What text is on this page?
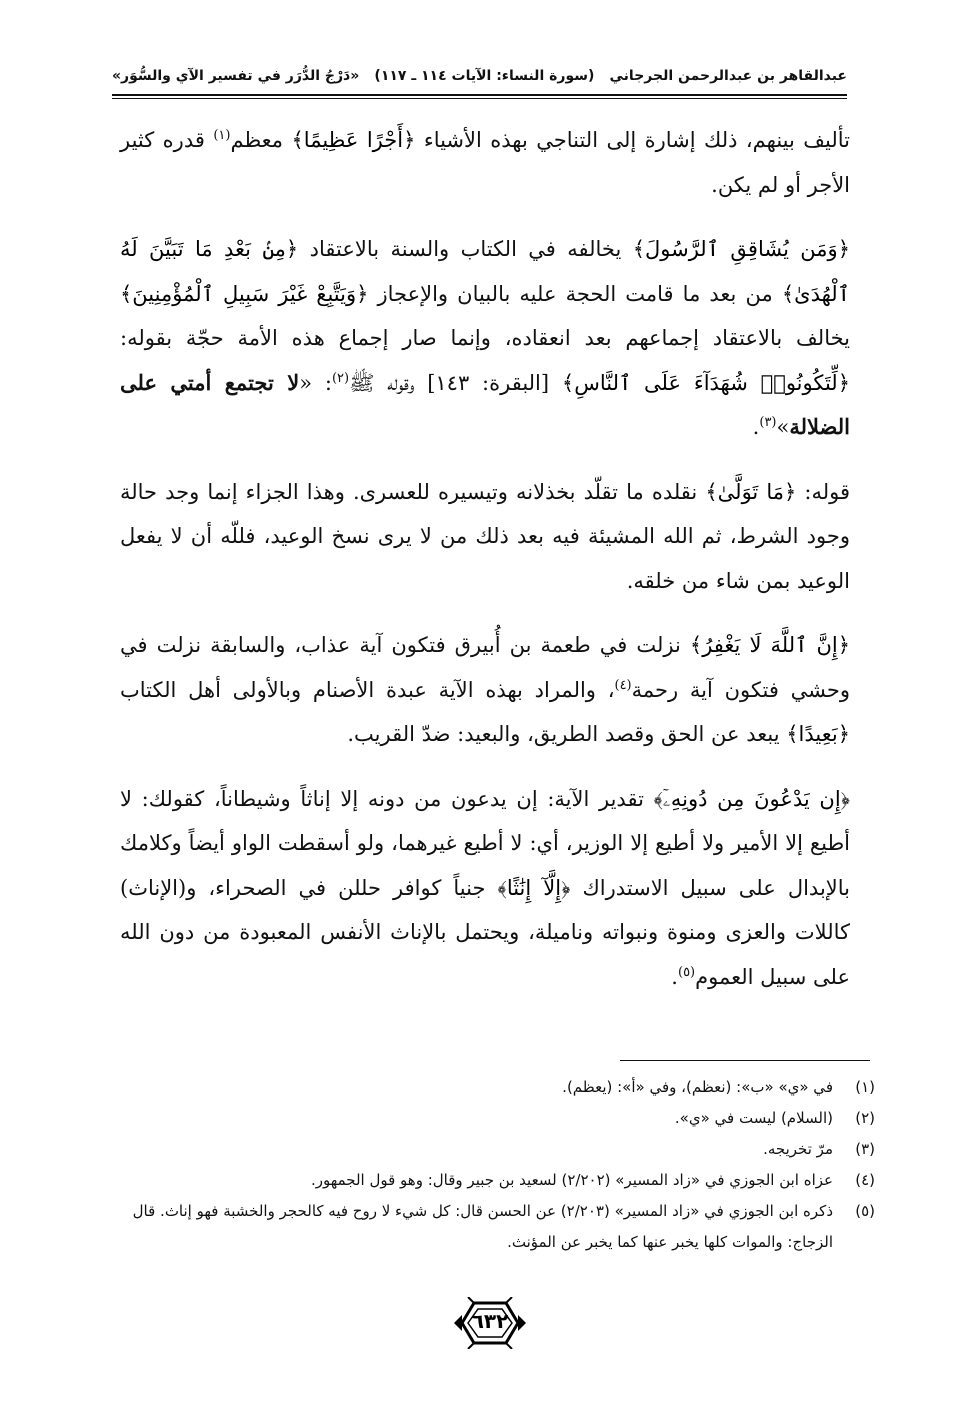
عبدالقاهر بن عبدالرحمن الجرجاني
(سورة النساء: الآيات ١١٤ ـ ١١٧)
«دَرْجُ الدُّرَر في تفسير الآي والسُّوَر»

تأليف بينهم، ذلك إشارة إلى التناجي بهذه الأشياء ﴿أَجْرًا عَظِيمًا﴾ معظم$^{(١)}$ قدره كثير الأجر أو لم يكن.

﴿وَمَن يُشَاقِقِ ٱلرَّسُولَ﴾ يخالفه في الكتاب والسنة بالاعتقاد ﴿مِنۢ بَعْدِ مَا تَبَيَّنَ لَهُ ٱلْهُدَىٰ﴾ من بعد ما قامت الحجة عليه بالبيان والإعجاز ﴿وَيَتَّبِعْ غَيْرَ سَبِيلِ ٱلْمُؤْمِنِينَ﴾ يخالف بالاعتقاد إجماعهم بعد انعقاده، وإنما صار إجماع هذه الأمة حجّة بقوله: ﴿لِّتَكُونُوا۟ شُهَدَآءَ عَلَى ٱلنَّاسِ﴾ [البقرة: ١٤٣] وقوله ﷺ$^{(٢)}$: «لا تجتمع أمتي على الضلالة»$^{(٣)}$.

قوله: ﴿مَا تَوَلَّىٰ﴾ نقلده ما تقلّد بخذلانه وتيسيره للعسرى. وهذا الجزاء إنما وجد حالة وجود الشرط، ثم الله المشيئة فيه بعد ذلك من لا يرى نسخ الوعيد، فللّه أن لا يفعل الوعيد بمن شاء من خلقه.

﴿إِنَّ ٱللَّهَ لَا يَغْفِرُ﴾ نزلت في طعمة بن أُبيرق فتكون آية عذاب، والسابقة نزلت في وحشي فتكون آية رحمة$^{(٤)}$، والمراد بهذه الآية عبدة الأصنام وبالأولى أهل الكتاب ﴿بَعِيدًا﴾ يبعد عن الحق وقصد الطريق، والبعيد: ضدّ القريب.

﴿إِن يَدْعُونَ مِن دُونِهِۦٓ﴾ تقدير الآية: إن يدعون من دونه إلا إناثاً وشيطاناً، كقولك: لا أطيع إلا الأمير ولا أطيع إلا الوزير، أي: لا أطيع غيرهما، ولو أسقطت الواو أيضاً وكلامك بالإبدال على سبيل الاستدراك ﴿إِلَّآ إِنَٰثًا﴾ جنياً كوافر حللن في الصحراء، و(الإناث) كاللات والعزى ومنوة ونبواته وناميلة، ويحتمل بالإناث الأنفس المعبودة من دون الله على سبيل العموم$^{(٥)}$.

(١)
في «ي» «ب»: (نعظم)، وفي «أ»: (يعظم).
(٢)
(السلام) ليست في «ي».
(٣)
مرّ تخريجه.
(٤)
عزاه ابن الجوزي في «زاد المسير» (٢/٢٠٢) لسعيد بن جبير وقال: وهو قول الجمهور.
(٥)
ذكره ابن الجوزي في «زاد المسير» (٢/٢٠٣) عن الحسن قال: كل شيء لا روح فيه كالحجر والخشبة فهو إناث. قال الزجاج: والموات كلها يخبر عنها كما يخبر عن المؤنث.
٦٣٢
